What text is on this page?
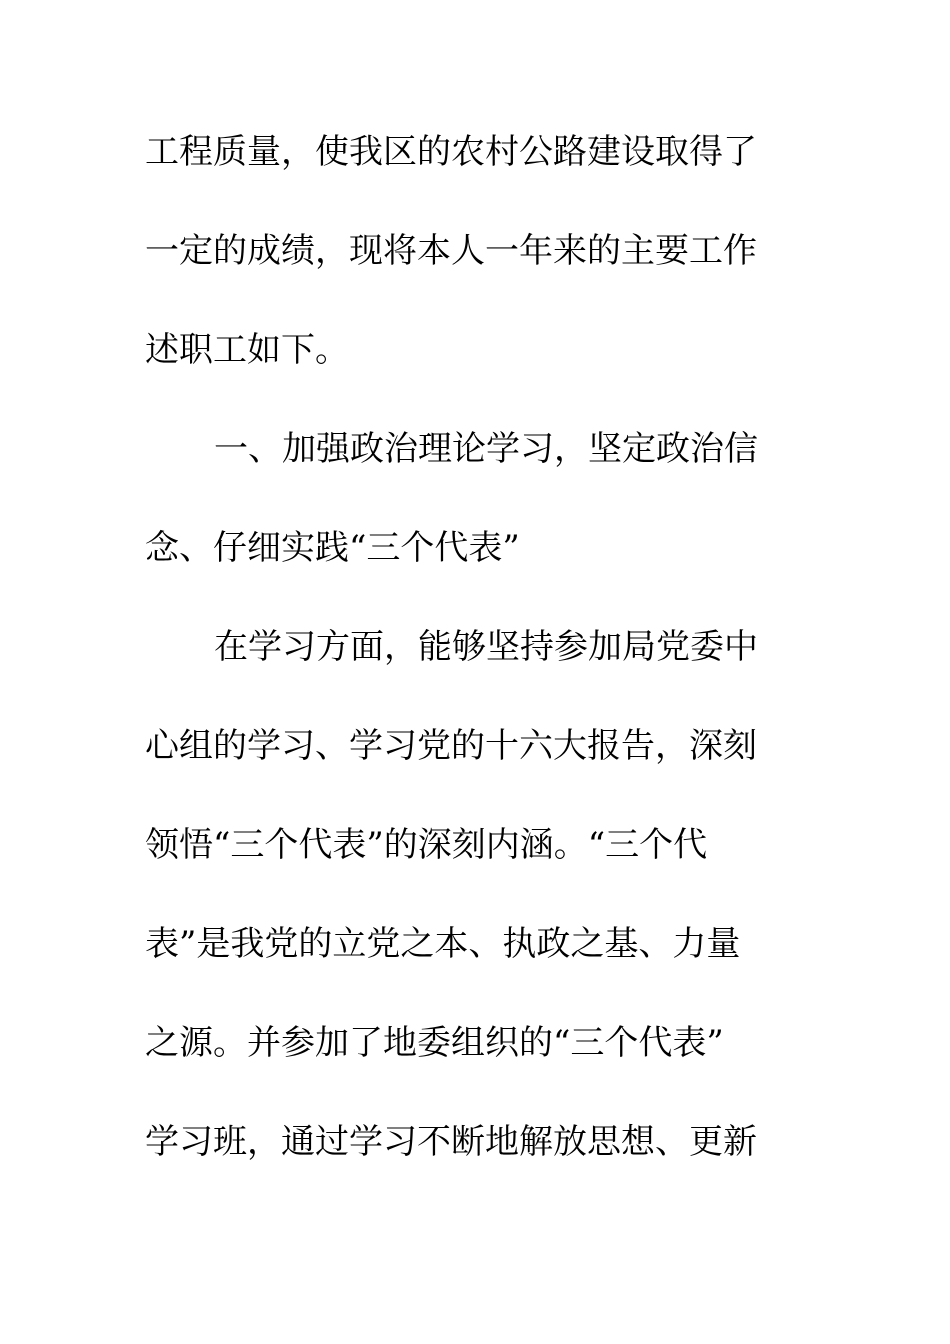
工程质量，使我区的农村公路建设取得了
一定的成绩，现将本人一年来的主要工作
述职工如下。
一、加强政治理论学习，坚定政治信
念、仔细实践“三个代表”
在学习方面，能够坚持参加局党委中
心组的学习、学习党的十六大报告，深刻
领悟“三个代表”的深刻内涵。“三个代
表”是我党的立党之本、执政之基、力量
之源。并参加了地委组织的“三个代表”
学习班，通过学习不断地解放思想、更新
